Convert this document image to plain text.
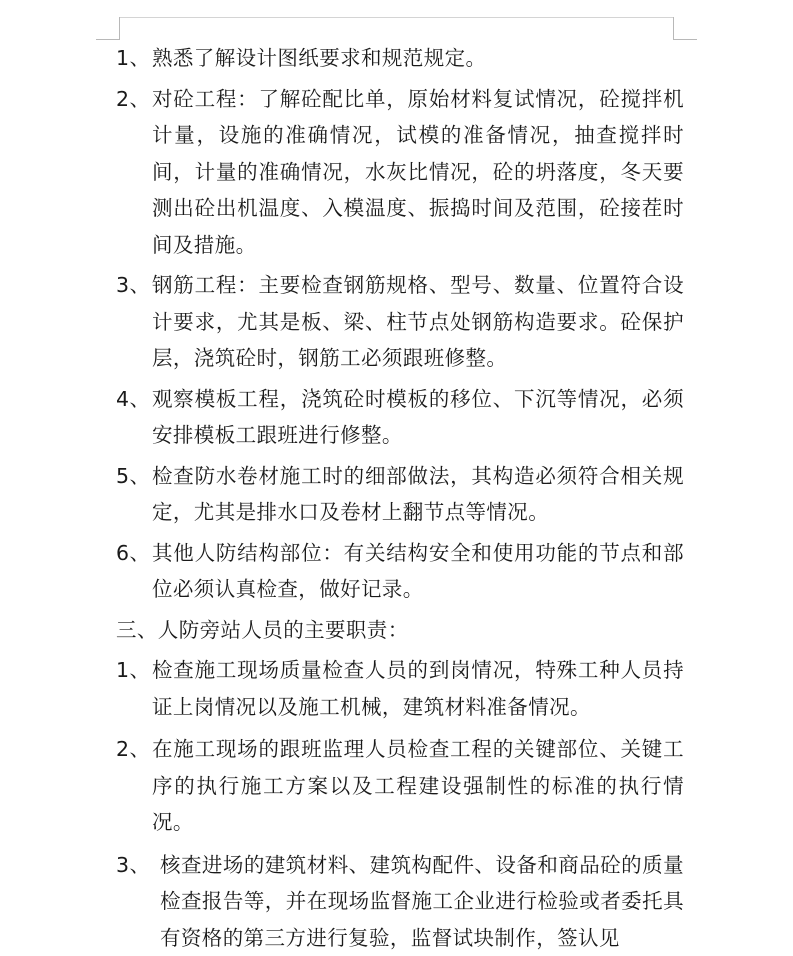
1、 熟悉了解设计图纸要求和规范规定。
2、 对砼工程：了解砼配比单，原始材料复试情况，砼搅拌机计量，设施的准确情况，试模的准备情况，抽查搅拌时间，计量的准确情况，水灰比情况，砼的坍落度，冬天要测出砼出机温度、入模温度、振捣时间及范围，砼接茬时间及措施。
3、 钢筋工程：主要检查钢筋规格、型号、数量、位置符合设计要求，尤其是板、梁、柱节点处钢筋构造要求。砼保护层，浇筑砼时，钢筋工必须跟班修整。
4、 观察模板工程，浇筑砼时模板的移位、下沉等情况，必须安排模板工跟班进行修整。
5、 检查防水卷材施工时的细部做法，其构造必须符合相关规定，尤其是排水口及卷材上翻节点等情况。
6、 其他人防结构部位：有关结构安全和使用功能的节点和部位必须认真检查，做好记录。
三、人防旁站人员的主要职责：
1、 检查施工现场质量检查人员的到岗情况，特殊工种人员持证上岗情况以及施工机械，建筑材料准备情况。
2、 在施工现场的跟班监理人员检查工程的关键部位、关键工序的执行施工方案以及工程建设强制性的标准的执行情况。
3、 核查进场的建筑材料、建筑构配件、设备和商品砼的质量检查报告等，并在现场监督施工企业进行检验或者委托具有资格的第三方进行复验，监督试块制作，签认见
